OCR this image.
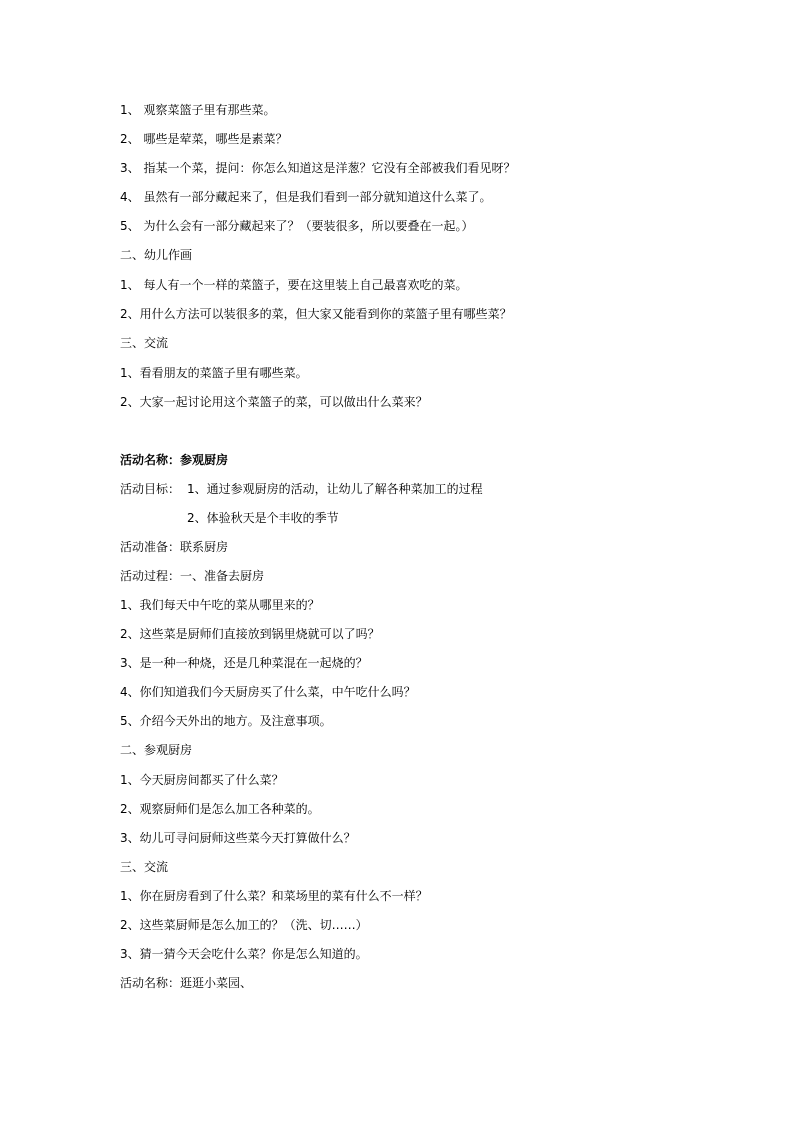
1、 观察菜篮子里有那些菜。
2、 哪些是荤菜，哪些是素菜？
3、 指某一个菜，提问：你怎么知道这是洋葱？它没有全部被我们看见呀？
4、 虽然有一部分藏起来了，但是我们看到一部分就知道这什么菜了。
5、 为什么会有一部分藏起来了？（要装很多，所以要叠在一起。）
二、幼儿作画
1、 每人有一个一样的菜篮子，要在这里装上自己最喜欢吃的菜。
2、用什么方法可以装很多的菜，但大家又能看到你的菜篮子里有哪些菜？
三、交流
1、看看朋友的菜篮子里有哪些菜。
2、大家一起讨论用这个菜篮子的菜，可以做出什么菜来？
活动名称：参观厨房
活动目标： 1、通过参观厨房的活动，让幼儿了解各种菜加工的过程
2、体验秋天是个丰收的季节
活动准备：联系厨房
活动过程：一、准备去厨房
1、我们每天中午吃的菜从哪里来的？
2、这些菜是厨师们直接放到锅里烧就可以了吗？
3、是一种一种烧，还是几种菜混在一起烧的？
4、你们知道我们今天厨房买了什么菜，中午吃什么吗？
5、介绍今天外出的地方。及注意事项。
二、参观厨房
1、今天厨房间都买了什么菜？
2、观察厨师们是怎么加工各种菜的。
3、幼儿可寻问厨师这些菜今天打算做什么？
三、交流
1、你在厨房看到了什么菜？和菜场里的菜有什么不一样？
2、这些菜厨师是怎么加工的？（洗、切……）
3、猜一猜今天会吃什么菜？你是怎么知道的。
活动名称：逛逛小菜园、
